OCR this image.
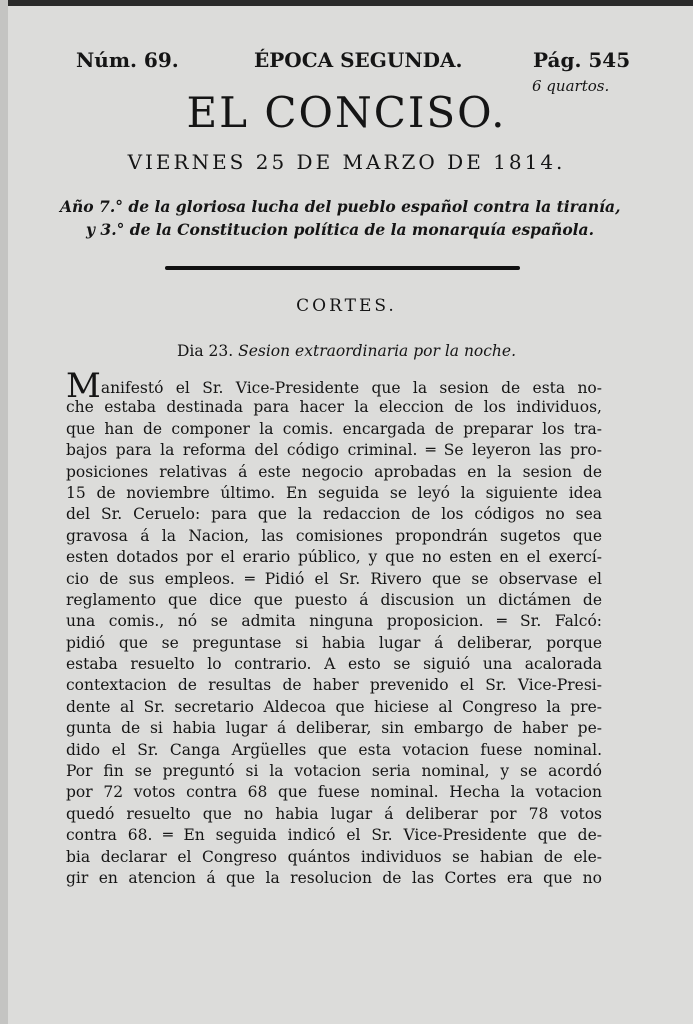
Núm. 69.	ÉPOCA SEGUNDA.	Pág. 545
6 quartos.
EL CONCISO.
VIERNES 25 DE MARZO DE 1814.
Año 7.° de la gloriosa lucha del pueblo español contra la tiranía,
y 3.° de la Constitucion política de la monarquía española.
CORTES.
Dia 23. Sesion extraordinaria por la noche.
Manifestó el Sr. Vice-Presidente que la sesion de esta no-
che estaba destinada para hacer la eleccion de los individuos,
que han de componer la comis. encargada de preparar los tra-
bajos para la reforma del código criminal. ═ Se leyeron las pro-
posiciones relativas á este negocio aprobadas en la sesion de
15 de noviembre último. En seguida se leyó la siguiente idea
del Sr. Ceruelo: para que la redaccion de los códigos no sea
gravosa á la Nacion, las comisiones propondrán sugetos que
esten dotados por el erario público, y que no esten en el exercí-
cio de sus empleos. ═ Pidió el Sr. Rivero que se observase el
reglamento que dice que puesto á discusion un dictámen de
una comis., nó se admita ninguna proposicion. ═ Sr. Falcó:
pidió que se preguntase si habia lugar á deliberar, porque
estaba resuelto lo contrario. A esto se siguió una acalorada
contextacion de resultas de haber prevenido el Sr. Vice-Presi-
dente al Sr. secretario Aldecoa que hiciese al Congreso la pre-
gunta de si habia lugar á deliberar, sin embargo de haber pe-
dido el Sr. Canga Argüelles que esta votacion fuese nominal.
Por fin se preguntó si la votacion seria nominal, y se acordó
por 72 votos contra 68 que fuese nominal. Hecha la votacion
quedó resuelto que no habia lugar á deliberar por 78 votos
contra 68. ═ En seguida indicó el Sr. Vice-Presidente que de-
bia declarar el Congreso quántos individuos se habian de ele-
gir en atencion á que la resolucion de las Cortes era que no
